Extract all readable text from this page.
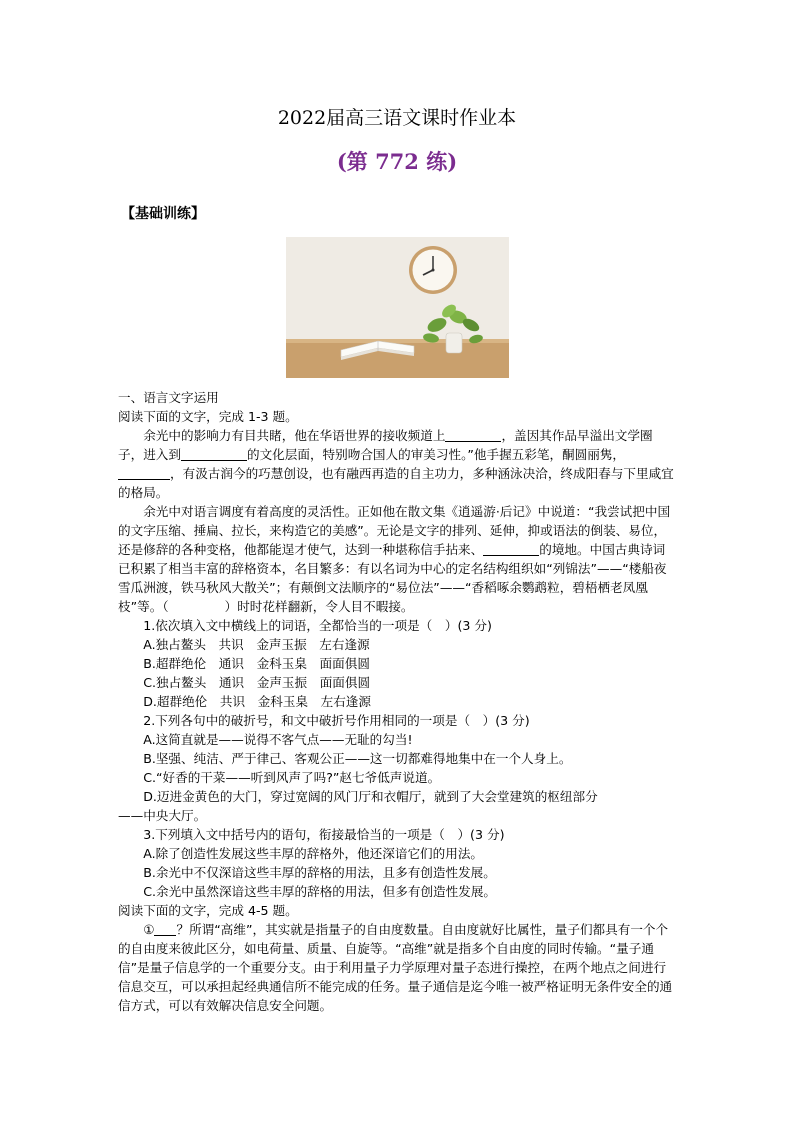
2022届高三语文课时作业本
(第 772 练)
【基础训练】

一、语言文字运用

阅读下面的文字，完成 1-3 题。

余光中的影响力有目共睹，他在华语世界的接收频道上	，盖因其作品早溢出文学圈子，进入到	的文化层面，特别吻合国人的审美习性。”他手握五彩笔，酮圆丽隽，，有汲古润今的巧慧创设，也有融西再造的自主功力，多种涵泳决洽，终成阳春与下里咸宜的格局。

余光中对语言调度有着高度的灵活性。正如他在散文集《逍遥游·后记》中说道：“我尝试把中国的文字压缩、捶扁、拉长，来构造它的美感”。无论是文字的排列、延伸，抑或语法的倒装、易位，还是修辞的各种变格，他都能逞才使气，达到一种堪称信手拈来、	的境地。中国古典诗词已积累了相当丰富的辞格资本，名目繁多：有以名词为中心的定名结构组织如“列锦法”——“楼船夜雪瓜洲渡，铁马秋风大散关”；有颠倒文法顺序的“易位法”——“香稻啄余鹦鹉粒，碧梧栖老凤凰枝”等。（	）时时花样翻新，令人目不暇接。

1.依次填入文中横线上的词语，全都恰当的一项是（　）(3 分)

A.独占鳌头　共识　金声玉振　左右逢源

B.超群绝伦　通识　金科玉臬　面面俱圆

C.独占鳌头　通识　金声玉振　面面俱圆

D.超群绝伦　共识　金科玉臬　左右逢源

2.下列各句中的破折号，和文中破折号作用相同的一项是（　）(3 分)

A.这简直就是——说得不客气点——无耻的勾当!

B.坚强、纯洁、严于律己、客观公正——这一切都难得地集中在一个人身上。

C.“好香的干菜——听到风声了吗?”赵七爷低声说道。

D.迈进金黄色的大门，穿过宽阔的风门厅和衣帽厅，就到了大会堂建筑的枢纽部分

——中央大厅。

3.下列填入文中括号内的语句，衔接最恰当的一项是（　）(3 分)

A.除了创造性发展这些丰厚的辞格外，他还深谙它们的用法。

B.余光中不仅深谙这些丰厚的辞格的用法，且多有创造性发展。

C.余光中虽然深谙这些丰厚的辞格的用法，但多有创造性发展。

阅读下面的文字，完成 4-5 题。

① ？所谓“高维”，其实就是指量子的自由度数量。自由度就好比属性，量子们都具有一个个的自由度来彼此区分，如电荷量、质量、自旋等。“高维”就是指多个自由度的同时传输。“量子通信”是量子信息学的一个重要分支。由于利用量子力学原理对量子态进行操控，在两个地点之间进行信息交互，可以承担起经典通信所不能完成的任务。量子通信是迄今唯一被严格证明无条件安全的通信方式，可以有效解决信息安全问题。
